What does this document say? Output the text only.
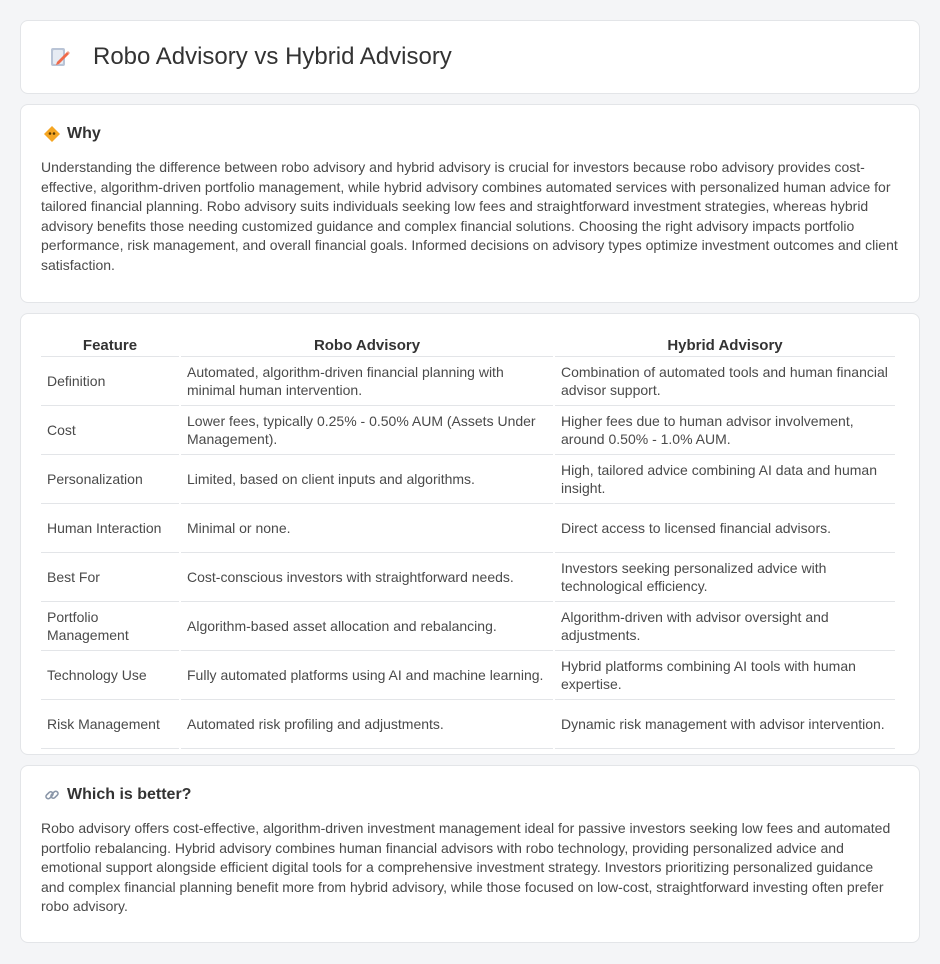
Robo Advisory vs Hybrid Advisory
Why

Understanding the difference between robo advisory and hybrid advisory is crucial for investors because robo advisory provides cost-effective, algorithm-driven portfolio management, while hybrid advisory combines automated services with personalized human advice for tailored financial planning. Robo advisory suits individuals seeking low fees and straightforward investment strategies, whereas hybrid advisory benefits those needing customized guidance and complex financial solutions. Choosing the right advisory impacts portfolio performance, risk management, and overall financial goals. Informed decisions on advisory types optimize investment outcomes and client satisfaction.

Feature	Robo Advisory	Hybrid Advisory
Definition	Automated, algorithm-driven financial planning with minimal human intervention.	Combination of automated tools and human financial advisor support.
Cost	Lower fees, typically 0.25% - 0.50% AUM (Assets Under Management).	Higher fees due to human advisor involvement, around 0.50% - 1.0% AUM.
Personalization	Limited, based on client inputs and algorithms.	High, tailored advice combining AI data and human insight.
Human Interaction	Minimal or none.	Direct access to licensed financial advisors.
Best For	Cost-conscious investors with straightforward needs.	Investors seeking personalized advice with technological efficiency.
Portfolio Management	Algorithm-based asset allocation and rebalancing.	Algorithm-driven with advisor oversight and adjustments.
Technology Use	Fully automated platforms using AI and machine learning.	Hybrid platforms combining AI tools with human expertise.
Risk Management	Automated risk profiling and adjustments.	Dynamic risk management with advisor intervention.
Which is better?

Robo advisory offers cost-effective, algorithm-driven investment management ideal for passive investors seeking low fees and automated portfolio rebalancing. Hybrid advisory combines human financial advisors with robo technology, providing personalized advice and emotional support alongside efficient digital tools for a comprehensive investment strategy. Investors prioritizing personalized guidance and complex financial planning benefit more from hybrid advisory, while those focused on low-cost, straightforward investing often prefer robo advisory.
